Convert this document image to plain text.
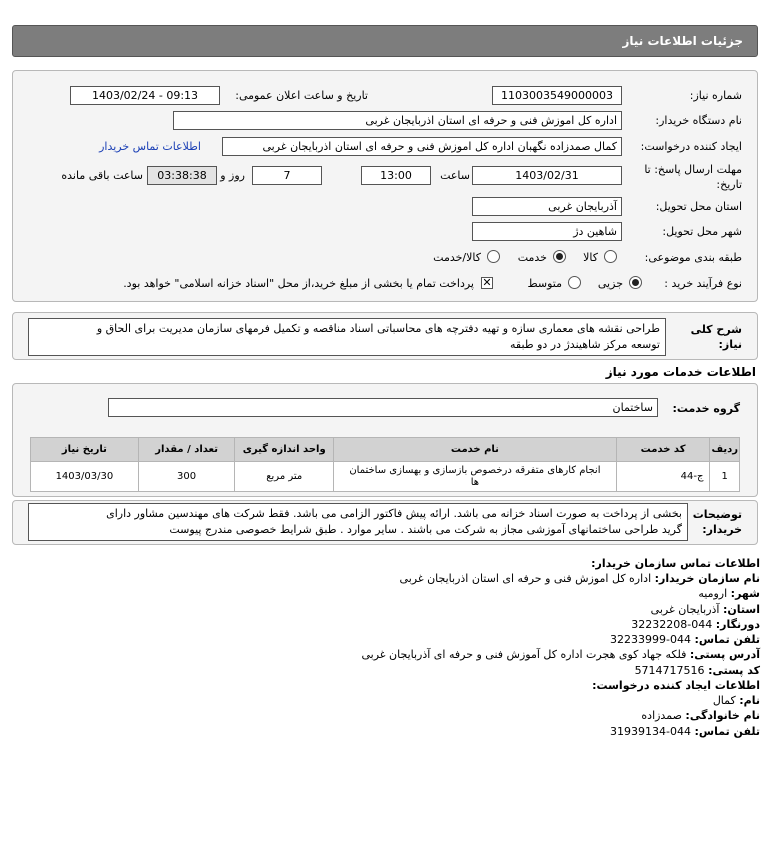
جزئیات اطلاعات نیاز
شماره نیاز:
1103003549000003
تاریخ و ساعت اعلان عمومی:
1403/02/24 - 09:13
نام دستگاه خریدار:
اداره کل اموزش فنی و حرفه ای استان اذربایجان غربی
ایجاد کننده درخواست:
کمال صمدزاده نگهبان اداره کل اموزش فنی و حرفه ای استان اذربایجان غربی
اطلاعات تماس خریدار
مهلت ارسال پاسخ: تا
تاریخ:
1403/02/31
ساعت
13:00
7
روز و
03:38:38
ساعت باقی مانده
استان محل تحویل:
آذربایجان غربی
شهر محل تحویل:
شاهین دژ
طبقه بندی موضوعی:
کالا
خدمت
کالا/خدمت
نوع فرآیند خرید :
جزیی
متوسط
✕
پرداخت تمام یا بخشی از مبلغ خرید،از محل "اسناد خزانه اسلامی" خواهد بود.
شرح کلی
نیاز:
طراحی نقشه های معماری سازه و تهیه دفترچه های محاسباتی اسناد مناقصه و تکمیل فرمهای سازمان مدیریت برای الحاق و
توسعه مرکز شاهیندژ در دو طبقه
اطلاعات خدمات مورد نیاز
گروه خدمت:
ساختمان
ردیف	کد خدمت	نام خدمت	واحد اندازه گیری	تعداد / مقدار	تاریخ نیاز
1	ج-44	انجام کارهای متفرقه درخصوص بازسازی و بهسازی ساختمان
ها	متر مربع	300	1403/03/30
توضیحات
خریدار:
بخشی از پرداخت به صورت اسناد خزانه می باشد. ارائه پیش فاکتور الزامی می باشد. فقط شرکت های مهندسین مشاور دارای
گرید طراحی ساختمانهای آموزشی مجاز به شرکت می باشند . سایر موارد . طبق شرایط خصوصی مندرج پیوست
اطلاعات تماس سازمان خریدار:
نام سازمان خریدار: اداره کل اموزش فنی و حرفه ای استان اذربایجان غربی
شهر: ارومیه
استان: آذربایجان غربی
دورنگار: 044-32232208
تلفن تماس: 044-32233999
آدرس پستی: فلکه جهاد کوی هجرت اداره کل آموزش فنی و حرفه ای آذربایجان غربی
کد پستی: 5714717516
اطلاعات ایجاد کننده درخواست:
نام: کمال
نام خانوادگی: صمدزاده
تلفن تماس: 044-31939134
